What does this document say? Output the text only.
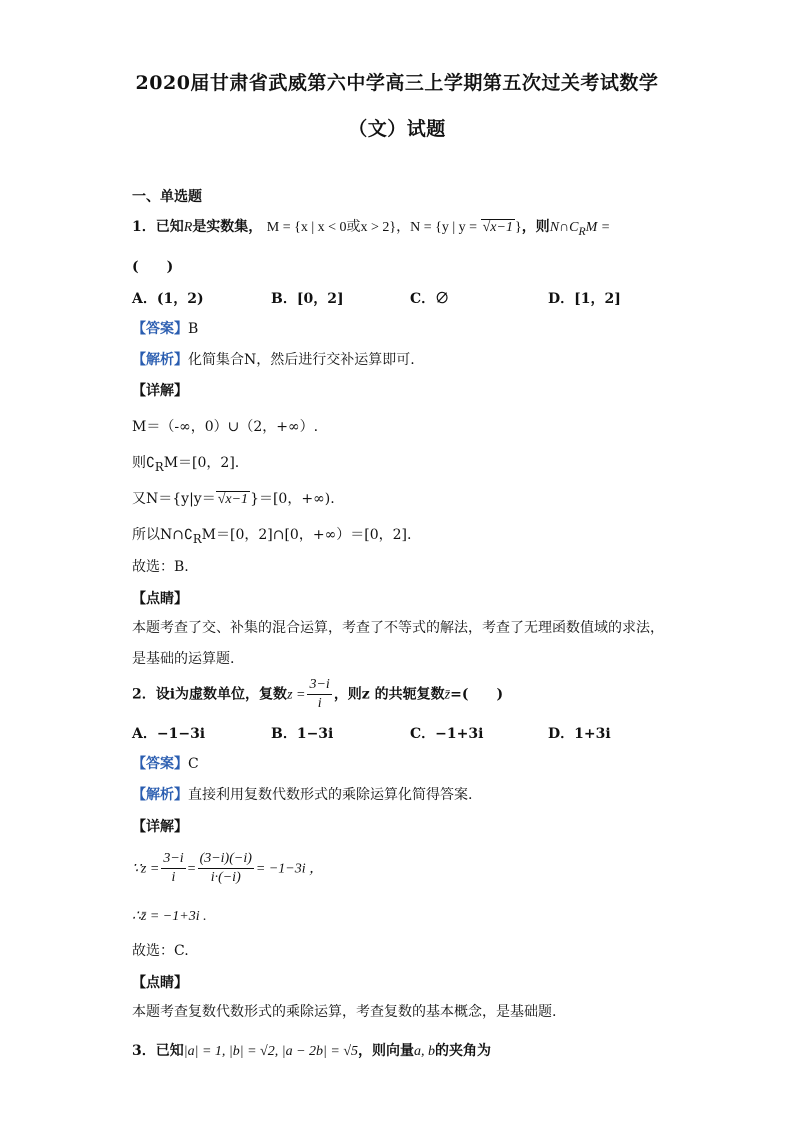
2020届甘肃省武威第六中学高三上学期第五次过关考试数学
（文）试题
一、单选题
1．已知R是实数集， M = {x | x < 0或x > 2}，N = {y | y = √x−1 }，则$N\cap C_RM$ =
(　　)
A．(1，2)	B．[0，2]	C．∅	D．[1，2]
【答案】B
【解析】化简集合N，然后进行交补运算即可.
【详解】
M＝（-∞，0）∪（2，+∞）.
则$∁_RM=[0$，2].
又N＝{y|y＝ √x−1 }＝[0，+∞).
所以$N\cap∁_RM=[0$，2]∩[0，+∞）＝[0，2].
故选：B.
【点睛】
本题考查了交、补集的混合运算，考查了不等式的解法，考查了无理函数值域的求法，是基础的运算题.
2．设i为虚数单位，复数$z = \frac{3-i}{i}$ ，则z 的共轭复数z̄=(　　)
A．−1−3i	B．1−3i	C．−1+3i	D．1+3i
【答案】C
【解析】直接利用复数代数形式的乘除运算化简得答案.
【详解】
∵z = $\frac{3-i}{i} = \frac{(3-i)(-i)}{i\cdot(-i)} = -1-3i$ ，
∴z̄ = −1+3i .
故选：C.
【点睛】
本题考查复数代数形式的乘除运算，考查复数的基本概念，是基础题.
3．已知|a| = 1, |b| = √2, |a − 2b| = √5，则向量a, b的夹角为
